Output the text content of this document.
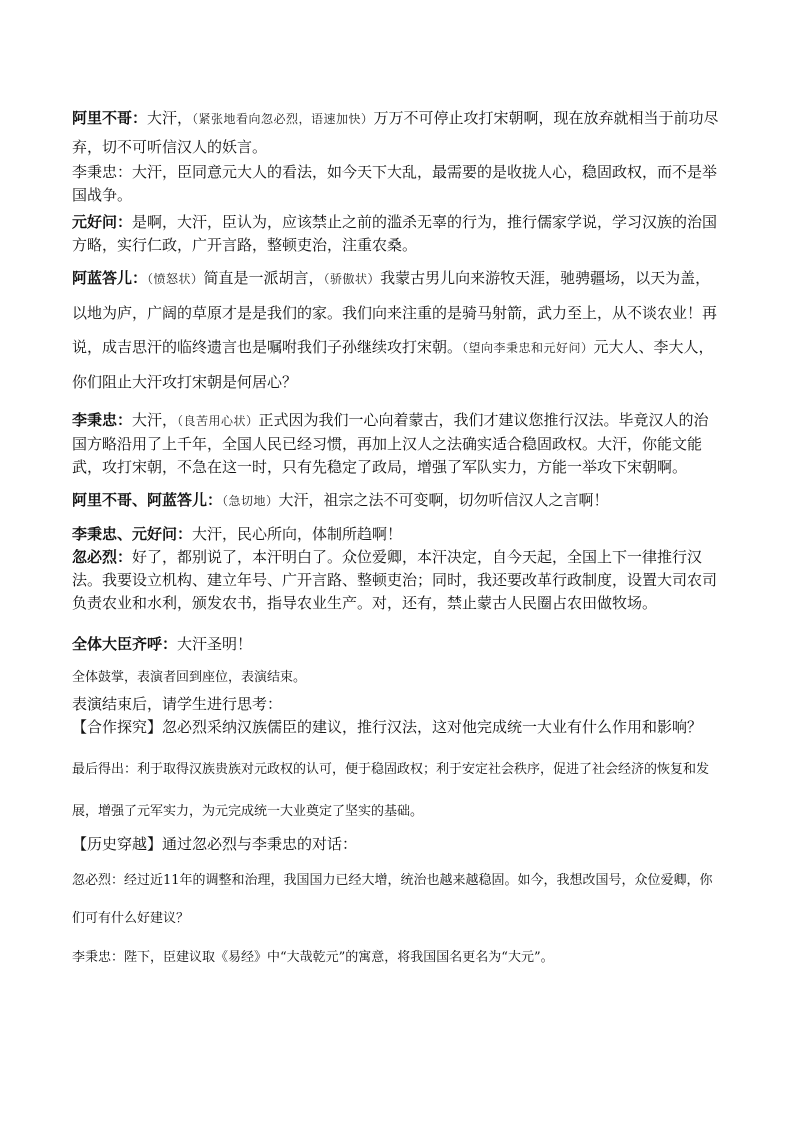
阿里不哥：大汗，（紧张地看向忽必烈，语速加快）万万不可停止攻打宋朝啊，现在放弃就相当于前功尽弃，切不可听信汉人的妖言。

李秉忠：大汗，臣同意元大人的看法，如今天下大乱，最需要的是收拢人心，稳固政权，而不是举国战争。

元好问：是啊，大汗，臣认为，应该禁止之前的滥杀无辜的行为，推行儒家学说，学习汉族的治国方略，实行仁政，广开言路，整顿吏治，注重农桑。

阿蓝答儿：（愤怒状）简直是一派胡言，（骄傲状）我蒙古男儿向来游牧天涯，驰骋疆场，以天为盖，以地为庐，广阔的草原才是是我们的家。我们向来注重的是骑马射箭，武力至上，从不谈农业！再说，成吉思汗的临终遗言也是嘱咐我们子孙继续攻打宋朝。（望向李秉忠和元好问）元大人、李大人，你们阻止大汗攻打宋朝是何居心？

李秉忠：大汗，（良苦用心状）正式因为我们一心向着蒙古，我们才建议您推行汉法。毕竟汉人的治国方略沿用了上千年，全国人民已经习惯，再加上汉人之法确实适合稳固政权。大汗，你能文能武，攻打宋朝，不急在这一时，只有先稳定了政局，增强了军队实力，方能一举攻下宋朝啊。

阿里不哥、阿蓝答儿：（急切地）大汗，祖宗之法不可变啊，切勿听信汉人之言啊！

李秉忠、元好问：大汗，民心所向，体制所趋啊！

忽必烈：好了，都别说了，本汗明白了。众位爱卿，本汗决定，自今天起，全国上下一律推行汉法。我要设立机构、建立年号、广开言路、整顿吏治；同时，我还要改革行政制度，设置大司农司负责农业和水利，颁发农书，指导农业生产。对，还有，禁止蒙古人民圈占农田做牧场。

全体大臣齐呼：大汗圣明！

全体鼓掌，表演者回到座位，表演结束。

表演结束后，请学生进行思考：

【合作探究】忽必烈采纳汉族儒臣的建议，推行汉法，这对他完成统一大业有什么作用和影响？

最后得出：利于取得汉族贵族对元政权的认可，便于稳固政权；利于安定社会秩序，促进了社会经济的恢复和发展，增强了元军实力，为元完成统一大业奠定了坚实的基础。

【历史穿越】通过忽必烈与李秉忠的对话：

忽必烈：经过近11年的调整和治理，我国国力已经大增，统治也越来越稳固。如今，我想改国号，众位爱卿，你们可有什么好建议？

李秉忠：陛下，臣建议取《易经》中“大哉乾元”的寓意，将我国国名更名为“大元”。
